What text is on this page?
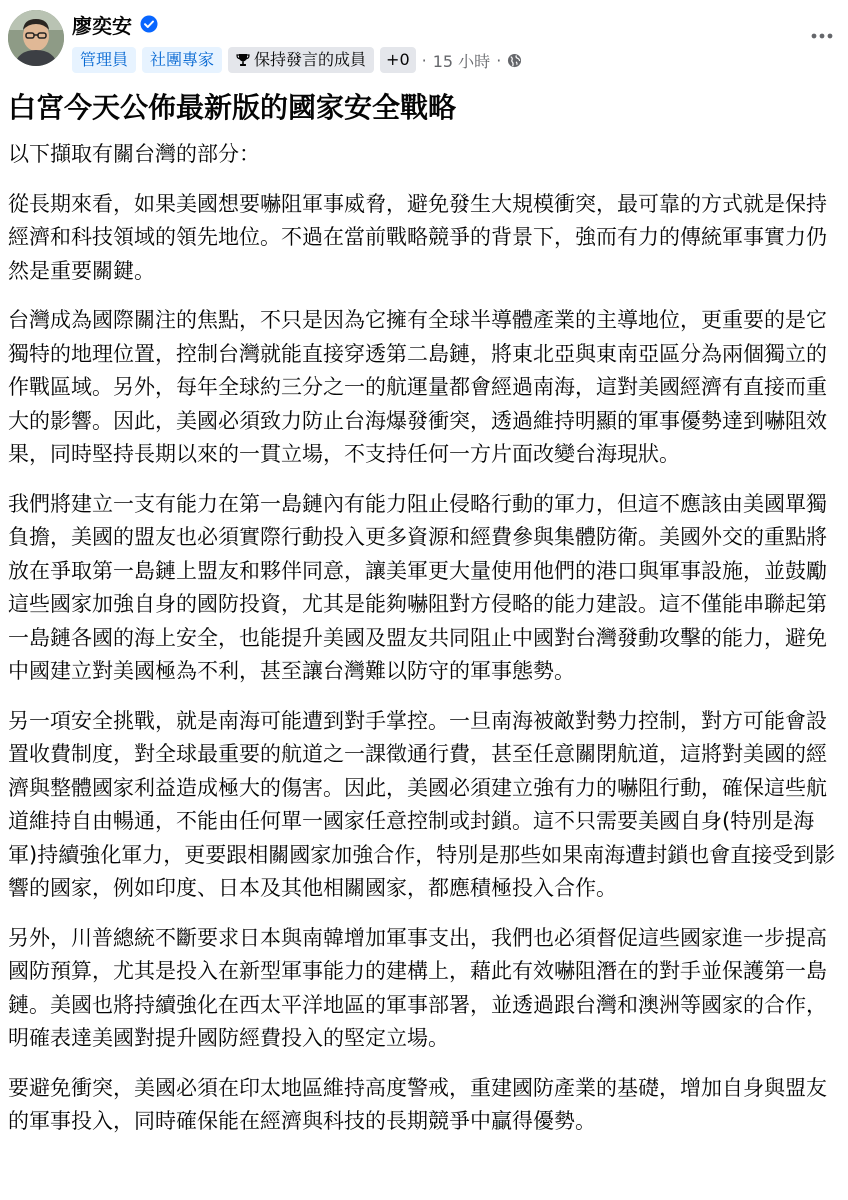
廖奕安
管理員	社團專家	保持發言的成員	+0 · 15 小時 ·
白宮今天公佈最新版的國家安全戰略

以下擷取有關台灣的部分：

從長期來看，如果美國想要嚇阻軍事威脅，避免發生大規模衝突，最可靠的方式就是保持經濟和科技領域的領先地位。不過在當前戰略競爭的背景下，強而有力的傳統軍事實力仍然是重要關鍵。

台灣成為國際關注的焦點，不只是因為它擁有全球半導體產業的主導地位，更重要的是它獨特的地理位置，控制台灣就能直接穿透第二島鏈，將東北亞與東南亞區分為兩個獨立的作戰區域。另外，每年全球約三分之一的航運量都會經過南海，這對美國經濟有直接而重大的影響。因此，美國必須致力防止台海爆發衝突，透過維持明顯的軍事優勢達到嚇阻效果，同時堅持長期以來的一貫立場，不支持任何一方片面改變台海現狀。

我們將建立一支有能力在第一島鏈內有能力阻止侵略行動的軍力，但這不應該由美國單獨負擔，美國的盟友也必須實際行動投入更多資源和經費參與集體防衛。美國外交的重點將放在爭取第一島鏈上盟友和夥伴同意，讓美軍更大量使用他們的港口與軍事設施，並鼓勵這些國家加強自身的國防投資，尤其是能夠嚇阻對方侵略的能力建設。這不僅能串聯起第一島鏈各國的海上安全，也能提升美國及盟友共同阻止中國對台灣發動攻擊的能力，避免中國建立對美國極為不利，甚至讓台灣難以防守的軍事態勢。

另一項安全挑戰，就是南海可能遭到對手掌控。一旦南海被敵對勢力控制，對方可能會設置收費制度，對全球最重要的航道之一課徵通行費，甚至任意關閉航道，這將對美國的經濟與整體國家利益造成極大的傷害。因此，美國必須建立強有力的嚇阻行動，確保這些航道維持自由暢通，不能由任何單一國家任意控制或封鎖。這不只需要美國自身(特別是海軍)持續強化軍力，更要跟相關國家加強合作，特別是那些如果南海遭封鎖也會直接受到影響的國家，例如印度、日本及其他相關國家，都應積極投入合作。

另外，川普總統不斷要求日本與南韓增加軍事支出，我們也必須督促這些國家進一步提高國防預算，尤其是投入在新型軍事能力的建構上，藉此有效嚇阻潛在的對手並保護第一島鏈。美國也將持續強化在西太平洋地區的軍事部署，並透過跟台灣和澳洲等國家的合作，明確表達美國對提升國防經費投入的堅定立場。

要避免衝突，美國必須在印太地區維持高度警戒，重建國防產業的基礎，增加自身與盟友的軍事投入，同時確保能在經濟與科技的長期競爭中贏得優勢。
